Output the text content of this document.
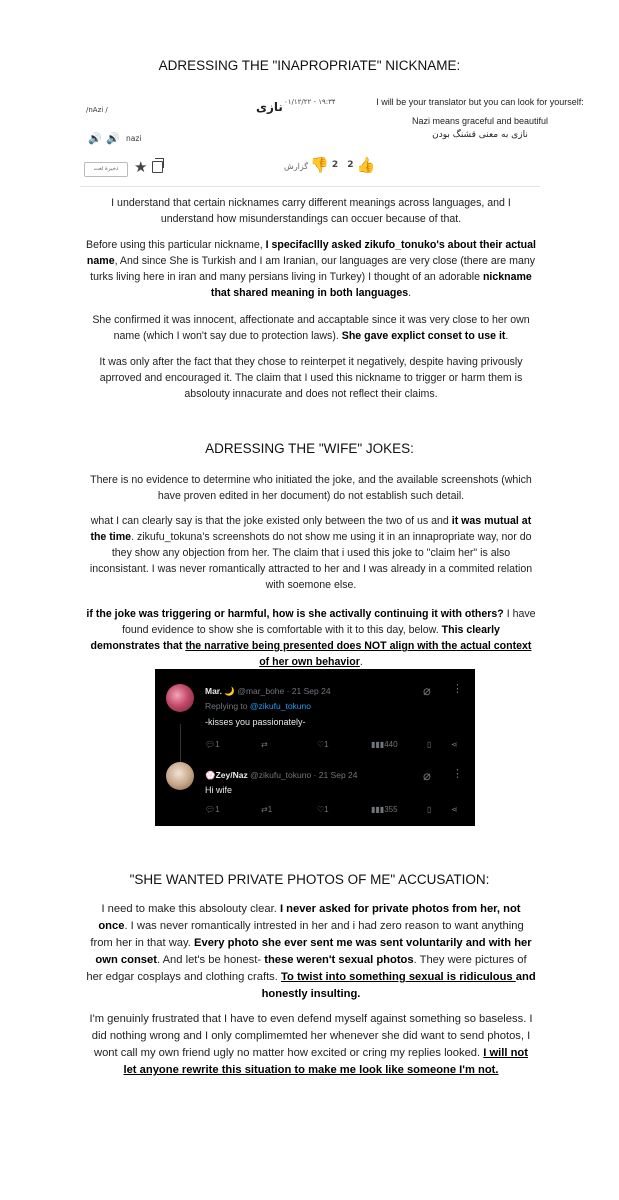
ADRESSING THE "INAPROPRIATE" NICKNAME:
/nAzi /	نازی ۰۱/۱۲/۲۲ - ۱۹:۳۴
🔊 🔊 nazi
ذخیرهٔ لغت	★	گزارش 👎 2 2 👍
I will be your translator but you can look for yourself:
Nazi means graceful and beautiful
نازی به معنی قشنگ بودن
I understand that certain nicknames carry different meanings across languages, and I understand how misunderstandings can occuer because of that.
Before using this particular nickname, I specifacllly asked zikufo_tonuko's about their actual name, And since She is Turkish and I am Iranian, our languages are very close (there are many turks living here in iran and many persians living in Turkey) I thought of an adorable nickname that shared meaning in both languages.
She confirmed it was innocent, affectionate and accaptable since it was very close to her own name (which I won't say due to protection laws). She gave explict conset to use it.
It was only after the fact that they chose to reinterpet it negatively, despite having privously aprroved and encouraged it. The claim that I used this nickname to trigger or harm them is absolouty innacurate and does not reflect their claims.
ADRESSING THE "WIFE" JOKES:
There is no evidence to determine who initiated the joke, and the available screenshots (which have proven edited in her document) do not establish such detail.
what I can clearly say is that the joke existed only between the two of us and it was mutual at the time. zikufu_tokuna's screenshots do not show me using it in an innapropriate way, nor do they show any objection from her. The claim that i used this joke to "claim her" is also inconsistant. I was never romantically attracted to her and I was already in a commited relation with soemone else.
if the joke was triggering or harmful, how is she activally continuing it with others? I have found evidence to show she is comfortable with it to this day, below. This clearly demonstrates that the narrative being presented does NOT align with the actual context of her own behavior.
Mar. 🌙 @mar_bohe · 21 Sep 24
Replying to @zikufu_tokuno
-kisses you passionately-
⌀ ⋮
💬︎ 1	⇄	♡ 1	▮▮▮ 440	▯ ⋖
💮Zey/Naz @zikufu_tokuno · 21 Sep 24
Hi wife
⌀ ⋮
💬︎ 1	⇄ 1	♡ 1	▮▮▮ 355	▯ ⋖
"SHE WANTED PRIVATE PHOTOS OF ME" ACCUSATION:
I need to make this absolouty clear. I never asked for private photos from her, not once. I was never romantically intrested in her and i had zero reason to want anything from her in that way. Every photo she ever sent me was sent voluntarily and with her own conset. And let's be honest- these weren't sexual photos. They were pictures of her edgar cosplays and clothing crafts. To twist into something sexual is ridiculous and honestly insulting.
I'm genuinly frustrated that I have to even defend myself against something so baseless. I did nothing wrong and I only complimemted her whenever she did want to send photos, I wont call my own friend ugly no matter how excited or cring my replies looked. I will not let anyone rewrite this situation to make me look like someone I'm not.
